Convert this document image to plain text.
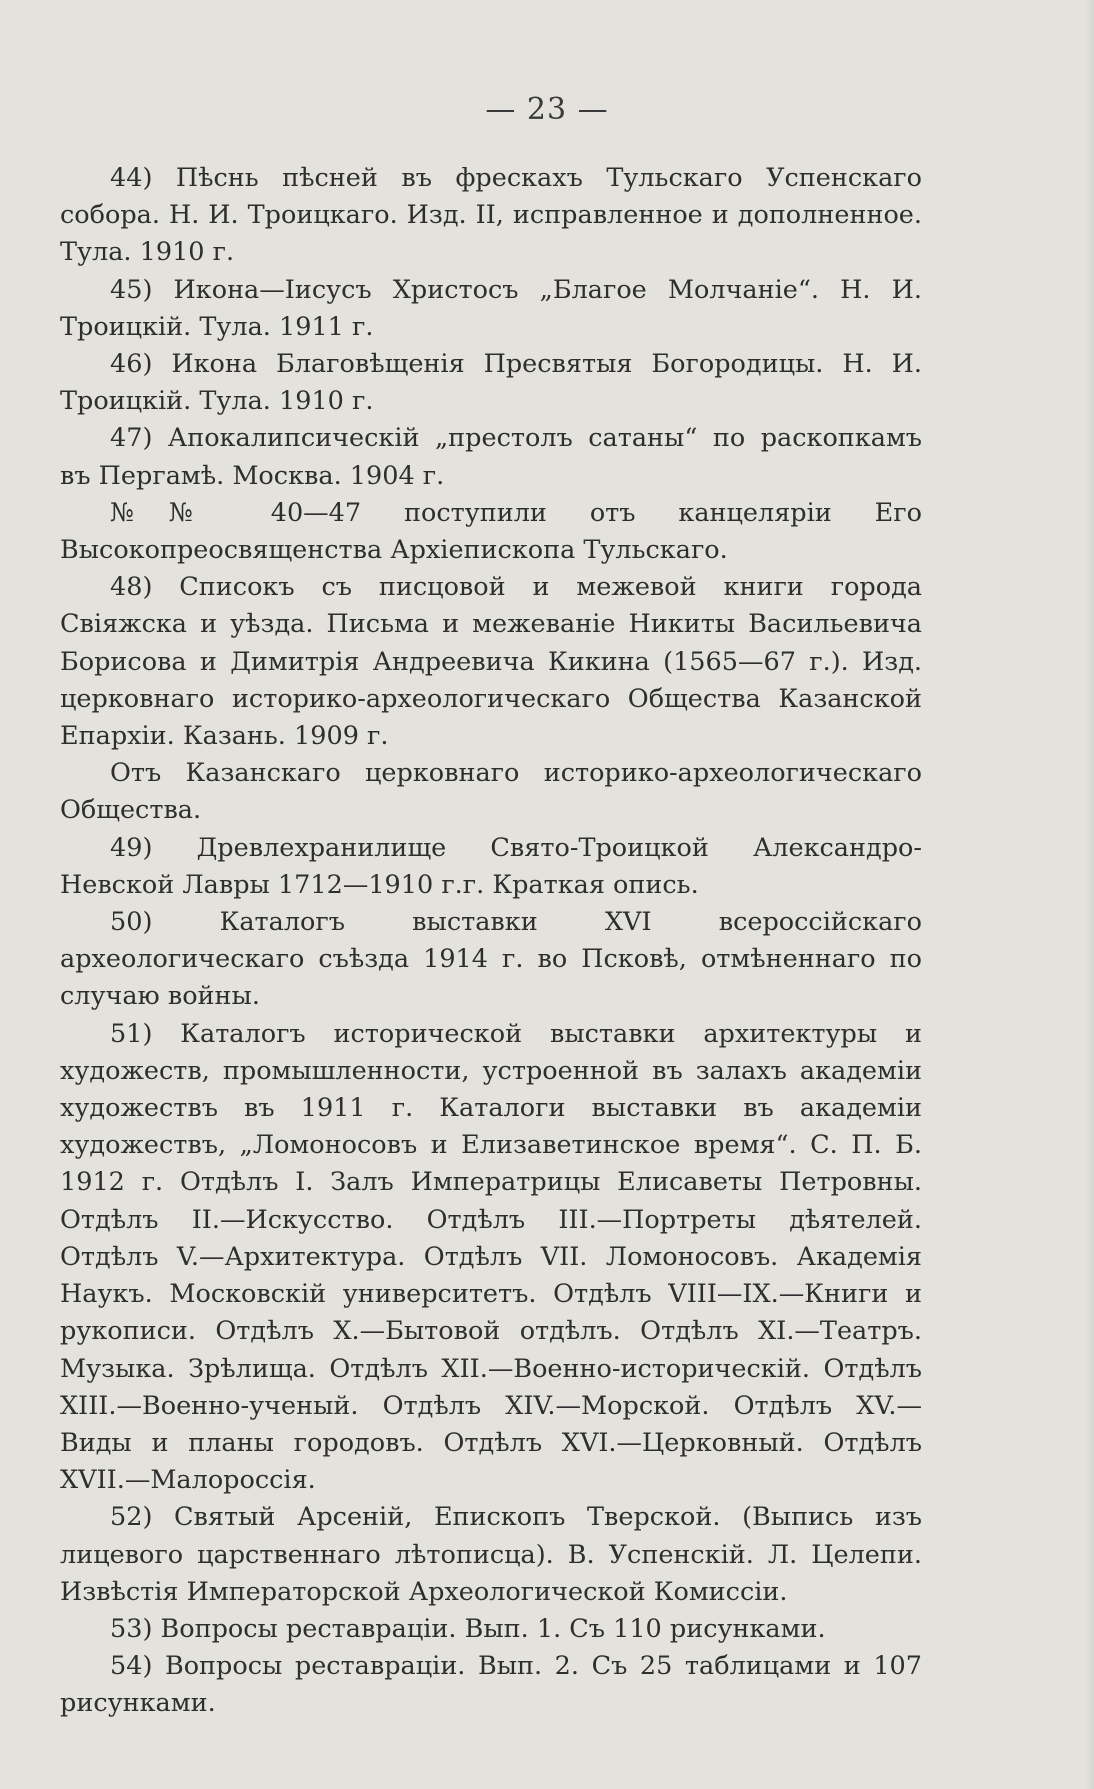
— 23 —

44) Пѣснь пѣсней въ фрескахъ Тульскаго Успенскаго собора. Н. И. Троицкаго. Изд. II, исправленное и дополненное. Тула. 1910 г.

45) Икона—Іисусъ Христосъ „Благое Молчаніе“. Н. И. Троицкій. Тула. 1911 г.

46) Икона Благовѣщенія Пресвятыя Богородицы. Н. И. Троицкій. Тула. 1910 г.

47) Апокалипсическій „престолъ сатаны“ по раскопкамъ въ Пергамѣ. Москва. 1904 г.

№№ 40—47 поступили отъ канцеляріи Его Высокопреосвященства Архіепископа Тульскаго.

48) Списокъ съ писцовой и межевой книги города Свіяжска и уѣзда. Письма и межеваніе Никиты Васильевича Борисова и Димитрія Андреевича Кикина (1565—67 г.). Изд. церковнаго историко-археологическаго Общества Казанской Епархіи. Казань. 1909 г.

Отъ Казанскаго церковнаго историко-археологическаго Общества.

49) Древлехранилище Свято-Троицкой Александро-Невской Лавры 1712—1910 г.г. Краткая опись.

50) Каталогъ выставки XVI всероссійскаго археологическаго съѣзда 1914 г. во Псковѣ, отмѣненнаго по случаю войны.

51) Каталогъ исторической выставки архитектуры и художеств, промышленности, устроенной въ залахъ академіи художествъ въ 1911 г. Каталоги выставки въ академіи художествъ, „Ломоносовъ и Елизаветинское время“. С. П. Б. 1912 г. Отдѣлъ I. Залъ Императрицы Елисаветы Петровны. Отдѣлъ II.—Искусство. Отдѣлъ III.—Портреты дѣятелей. Отдѣлъ V.—Архитектура. Отдѣлъ VII. Ломоносовъ. Академія Наукъ. Московскій университетъ. Отдѣлъ VIII—IX.—Книги и рукописи. Отдѣлъ X.—Бытовой отдѣлъ. Отдѣлъ XI.—Театръ. Музыка. Зрѣлища. Отдѣлъ XII.—Военно-историческій. Отдѣлъ XIII.—Военно-ученый. Отдѣлъ XIV.—Морской. Отдѣлъ XV.—Виды и планы городовъ. Отдѣлъ XVI.—Церковный. Отдѣлъ XVII.—Малороссія.

52) Святый Арсеній, Епископъ Тверской. (Выпись изъ лицевого царственнаго лѣтописца). В. Успенскій. Л. Целепи. Извѣстія Императорской Археологической Комиссіи.

53) Вопросы реставраціи. Вып. 1. Съ 110 рисунками.

54) Вопросы реставраціи. Вып. 2. Съ 25 таблицами и 107 рисунками.
